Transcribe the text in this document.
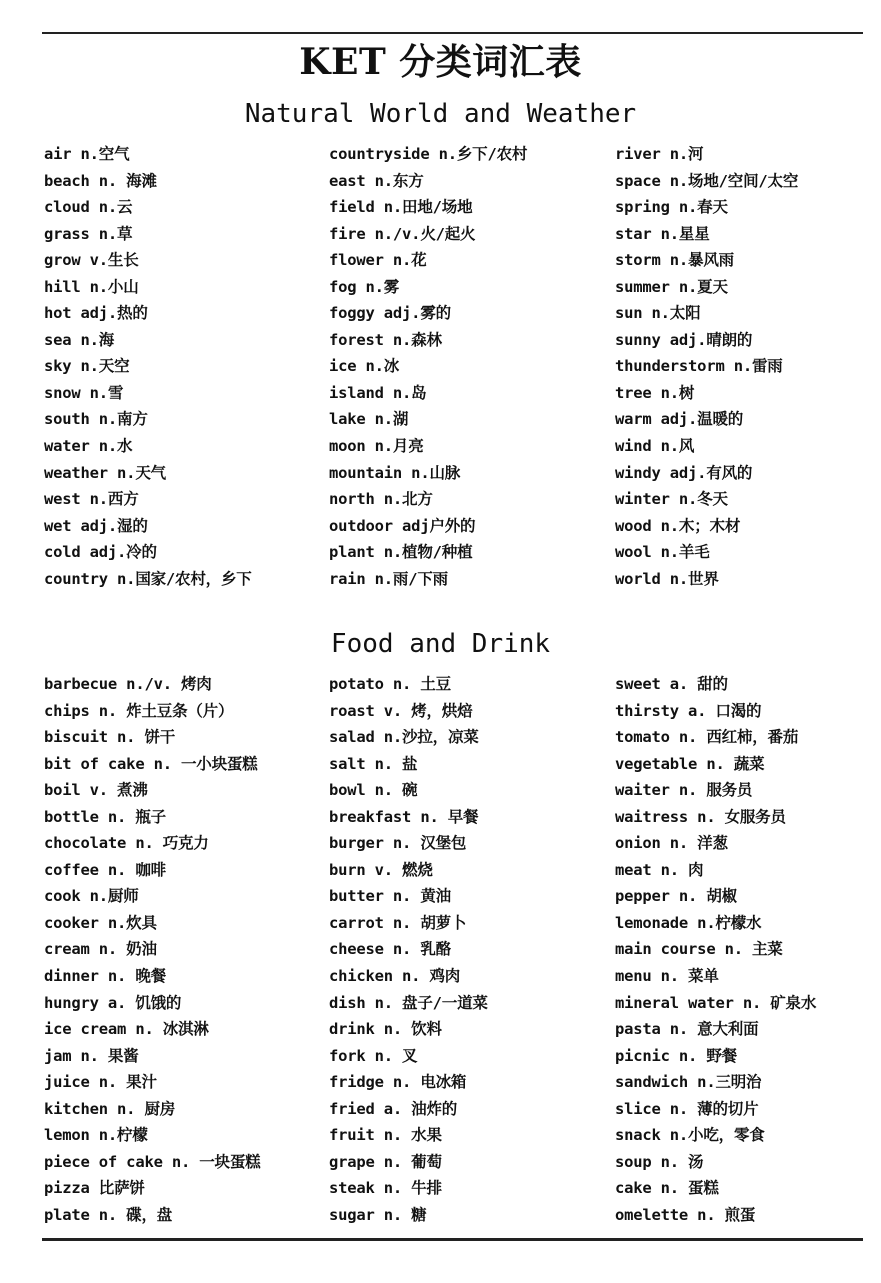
KET 分类词汇表
Natural World and Weather
air n.空气
beach n. 海滩
cloud n.云
grass n.草
grow v.生长
hill n.小山
hot adj.热的
sea n.海
sky n.天空
snow n.雪
south n.南方
water n.水
weather n.天气
west n.西方
wet adj.湿的
cold adj.冷的
country n.国家/农村，乡下
countryside n.乡下/农村
east n.东方
field n.田地/场地
fire n./v.火/起火
flower n.花
fog n.雾
foggy adj.雾的
forest n.森林
ice n.冰
island n.岛
lake n.湖
moon n.月亮
mountain n.山脉
north n.北方
outdoor adj户外的
plant n.植物/种植
rain n.雨/下雨
river n.河
space n.场地/空间/太空
spring n.春天
star n.星星
storm n.暴风雨
summer n.夏天
sun n.太阳
sunny adj.晴朗的
thunderstorm n.雷雨
tree n.树
warm adj.温暖的
wind n.风
windy adj.有风的
winter n.冬天
wood n.木；木材
wool n.羊毛
world n.世界
Food and Drink
barbecue n./v. 烤肉
chips n. 炸土豆条（片）
biscuit n. 饼干
bit of cake n. 一小块蛋糕
boil v. 煮沸
bottle n. 瓶子
chocolate n. 巧克力
coffee n. 咖啡
cook n.厨师
cooker n.炊具
cream n. 奶油
dinner n. 晚餐
hungry a. 饥饿的
ice cream n. 冰淇淋
jam n. 果酱
juice n. 果汁
kitchen n. 厨房
lemon n.柠檬
piece of cake n. 一块蛋糕
pizza 比萨饼
plate n. 碟，盘
potato n. 土豆
roast v. 烤，烘焙
salad n.沙拉，凉菜
salt n. 盐
bowl n. 碗
breakfast n. 早餐
burger n. 汉堡包
burn v. 燃烧
butter n. 黄油
carrot n. 胡萝卜
cheese n. 乳酪
chicken n. 鸡肉
dish n. 盘子/一道菜
drink n. 饮料
fork n. 叉
fridge n. 电冰箱
fried a. 油炸的
fruit n. 水果
grape n. 葡萄
steak n. 牛排
sugar n. 糖
sweet a. 甜的
thirsty a. 口渴的
tomato n. 西红柿，番茄
vegetable n. 蔬菜
waiter n. 服务员
waitress n. 女服务员
onion n. 洋葱
meat n. 肉
pepper n. 胡椒
lemonade n.柠檬水
main course n. 主菜
menu n. 菜单
mineral water n. 矿泉水
pasta n. 意大利面
picnic n. 野餐
sandwich n.三明治
slice n. 薄的切片
snack n.小吃，零食
soup n. 汤
cake n. 蛋糕
omelette n. 煎蛋
